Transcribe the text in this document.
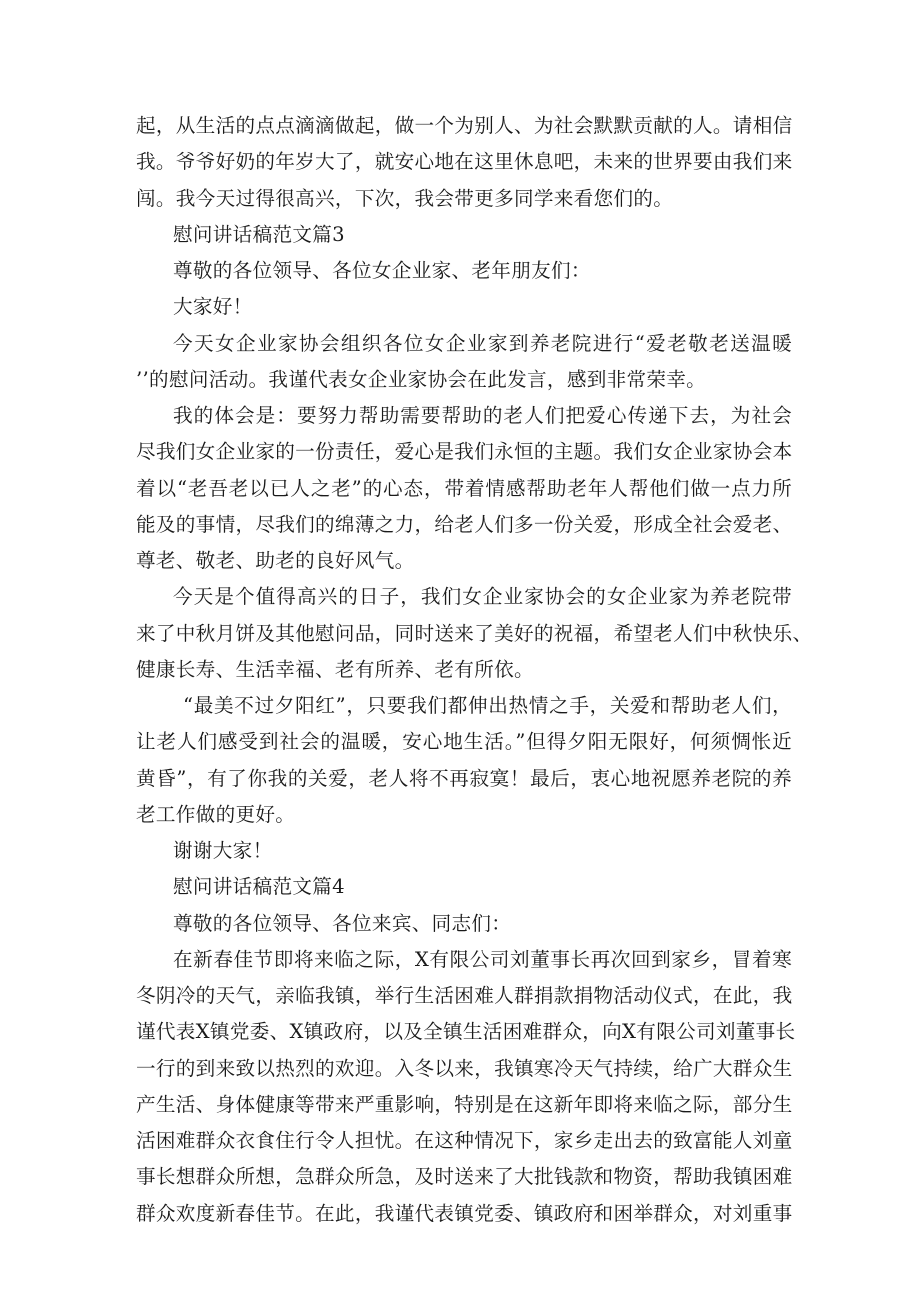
起，从生活的点点滴滴做起，做一个为别人、为社会默默贡献的人。请相信
我。爷爷好奶的年岁大了，就安心地在这里休息吧，未来的世界要由我们来
闯。我今天过得很高兴，下次，我会带更多同学来看您们的。
慰问讲话稿范文篇3
尊敬的各位领导、各位女企业家、老年朋友们：
大家好！
今天女企业家协会组织各位女企业家到养老院进行“爱老敬老送温暖
’’的慰问活动。我谨代表女企业家协会在此发言，感到非常荣幸。
我的体会是：要努力帮助需要帮助的老人们把爱心传递下去，为社会
尽我们女企业家的一份责任，爱心是我们永恒的主题。我们女企业家协会本
着以“老吾老以已人之老”的心态，带着情感帮助老年人帮他们做一点力所
能及的事情，尽我们的绵薄之力，给老人们多一份关爱，形成全社会爱老、
尊老、敬老、助老的良好风气。
今天是个值得高兴的日子，我们女企业家协会的女企业家为养老院带
来了中秋月饼及其他慰问品，同时送来了美好的祝福，希望老人们中秋快乐、
健康长寿、生活幸福、老有所养、老有所依。
“最美不过夕阳红”，只要我们都伸出热情之手，关爱和帮助老人们，
让老人们感受到社会的温暖，安心地生活。”但得夕阳无限好，何须惆怅近
黄昏”，有了你我的关爱，老人将不再寂寞！最后，衷心地祝愿养老院的养
老工作做的更好。
谢谢大家！
慰问讲话稿范文篇4
尊敬的各位领导、各位来宾、同志们：
在新春佳节即将来临之际，X有限公司刘董事长再次回到家乡，冒着寒
冬阴冷的天气，亲临我镇，举行生活困难人群捐款捐物活动仪式，在此，我
谨代表X镇党委、X镇政府，以及全镇生活困难群众，向X有限公司刘董事长
一行的到来致以热烈的欢迎。入冬以来，我镇寒冷天气持续，给广大群众生
产生活、身体健康等带来严重影响，特别是在这新年即将来临之际，部分生
活困难群众衣食住行令人担忧。在这种情况下，家乡走出去的致富能人刘童
事长想群众所想，急群众所急，及时送来了大批钱款和物资，帮助我镇困难
群众欢度新春佳节。在此，我谨代表镇党委、镇政府和困举群众，对刘重事
